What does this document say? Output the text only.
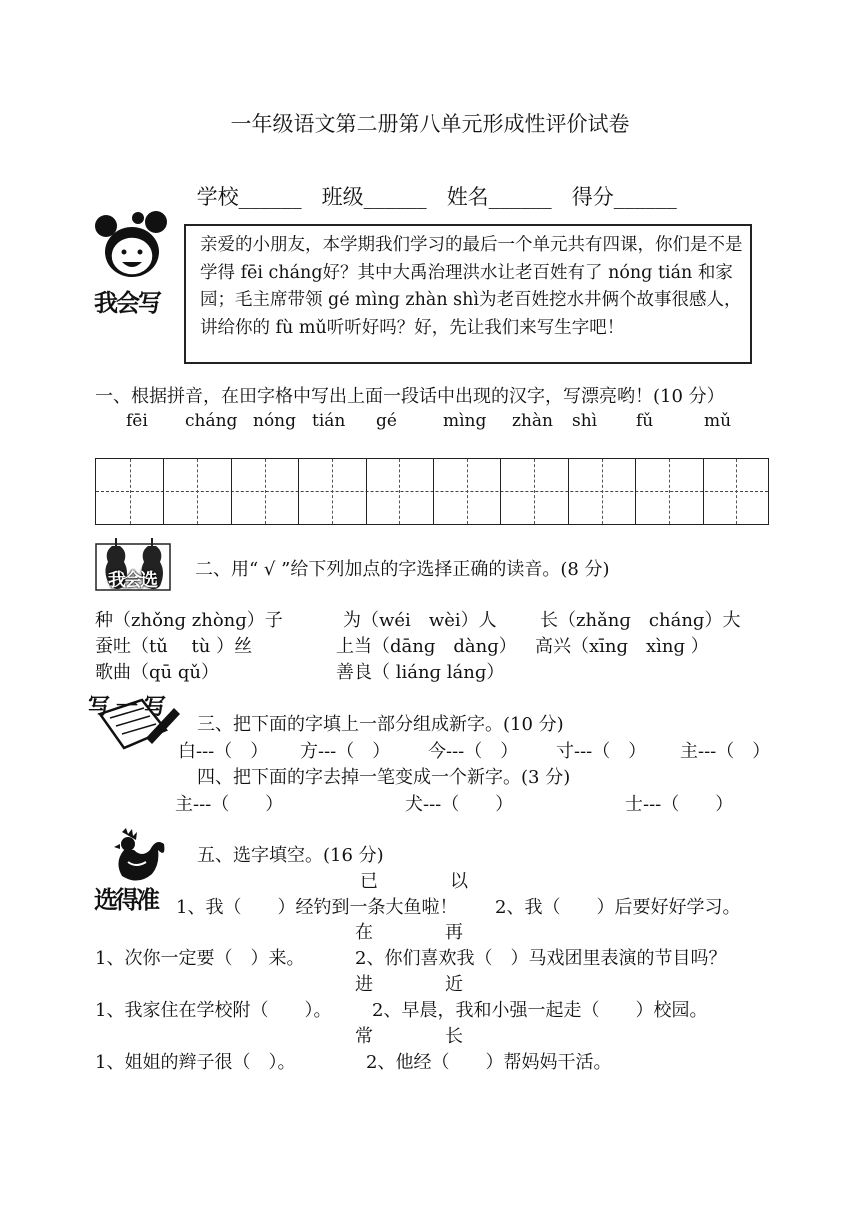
一年级语文第二册第八单元形成性评价试卷

学校______ 班级______ 姓名______ 得分______

我会写
亲爱的小朋友，本学期我们学习的最后一个单元共有四课，你们是不是学得 fēi cháng好？其中大禹治理洪水让老百姓有了 nónɡ tián 和家园；毛主席带领 gé mìnɡ zhàn shì为老百姓挖水井俩个故事很感人，讲给你的 fù mǔ听听好吗？好，先让我们来写生字吧！
一、根据拼音，在田字格中写出上面一段话中出现的汉字，写漂亮哟！(10 分）
fēi cháng nóng tián gé	mìng zhàn shì fǔ	mǔ
我会选
二、用“ √ ”给下列加点的字选择正确的读音。(8 分)
种（zhǒnɡ zhònɡ）子	为（wéi　wèi）人 长（zhǎnɡ　chánɡ）大
蚕吐（tǔ　 tù ）丝	上当（dānɡ　dànɡ） 高兴（xīnɡ　xìnɡ ）
歌曲（qū qǔ）	善良（ liánɡ lánɡ）
写一写
三、把下面的字填上一部分组成新字。(10 分)
白---（　） 方---（　） 今---（　） 寸---（　） 主---（　）
四、把下面的字去掉一笔变成一个新字。(3 分)
主---（　　）	犬---（　　）	士---（　　）
选得准
五、选字填空。(16 分)
已　　　　以
1、我（　　）经钓到一条大鱼啦！ 2、我（　　）后要好好学习。
在　　　　再
1、次你一定要（　）来。	2、你们喜欢我（　）马戏团里表演的节目吗？
进　　　　近
1、我家住在学校附（　　）。 2、早晨，我和小强一起走（　　）校园。
常　　　　长
1、姐姐的辫子很（　）。	2、他经（　　）帮妈妈干活。
